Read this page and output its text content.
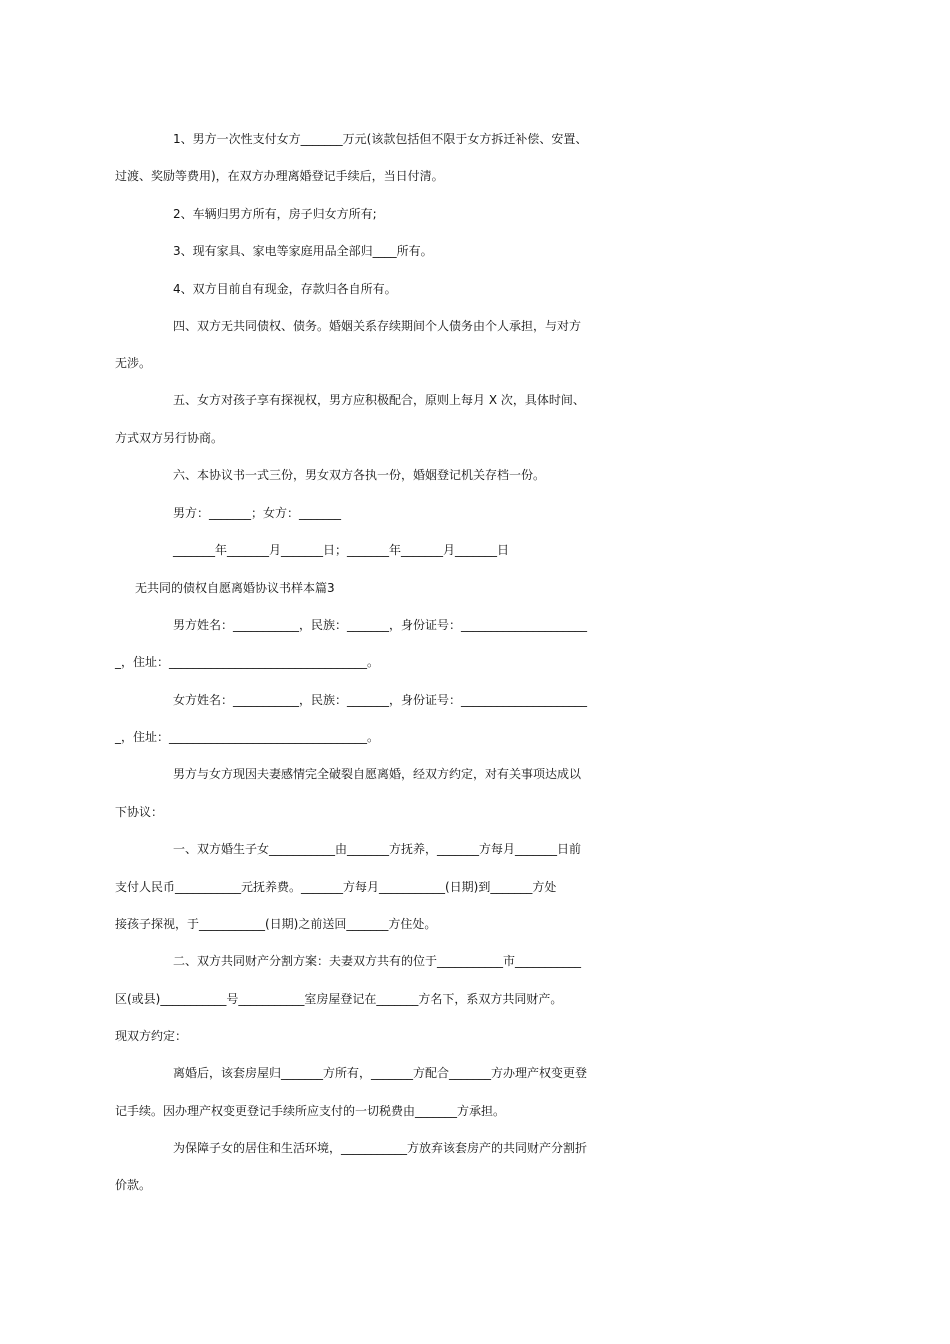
1、男方一次性支付女方_______万元(该款包括但不限于女方拆迁补偿、安置、
过渡、奖励等费用)，在双方办理离婚登记手续后，当日付清。
2、车辆归男方所有，房子归女方所有;
3、现有家具、家电等家庭用品全部归____所有。
4、双方目前自有现金，存款归各自所有。
四、双方无共同债权、债务。婚姻关系存续期间个人债务由个人承担，与对方
无涉。
五、女方对孩子享有探视权，男方应积极配合，原则上每月 X 次，具体时间、
方式双方另行协商。
六、本协议书一式三份，男女双方各执一份，婚姻登记机关存档一份。
男方：_______；女方：_______
_______年_______月_______日；_______年_______月_______日
无共同的债权自愿离婚协议书样本篇3
男方姓名：___________，民族：_______，身份证号：_____________________
_，住址：_________________________________。
女方姓名：___________，民族：_______，身份证号：_____________________
_，住址：_________________________________。
男方与女方现因夫妻感情完全破裂自愿离婚，经双方约定，对有关事项达成以
下协议：
一、双方婚生子女___________由_______方抚养，_______方每月_______日前
支付人民币___________元抚养费。_______方每月___________(日期)到_______方处
接孩子探视，于___________(日期)之前送回_______方住处。
二、双方共同财产分割方案：夫妻双方共有的位于___________市___________
区(或县)___________号___________室房屋登记在_______方名下，系双方共同财产。
现双方约定：
离婚后，该套房屋归_______方所有，_______方配合_______方办理产权变更登
记手续。因办理产权变更登记手续所应支付的一切税费由_______方承担。
为保障子女的居住和生活环境，___________方放弃该套房产的共同财产分割折
价款。
